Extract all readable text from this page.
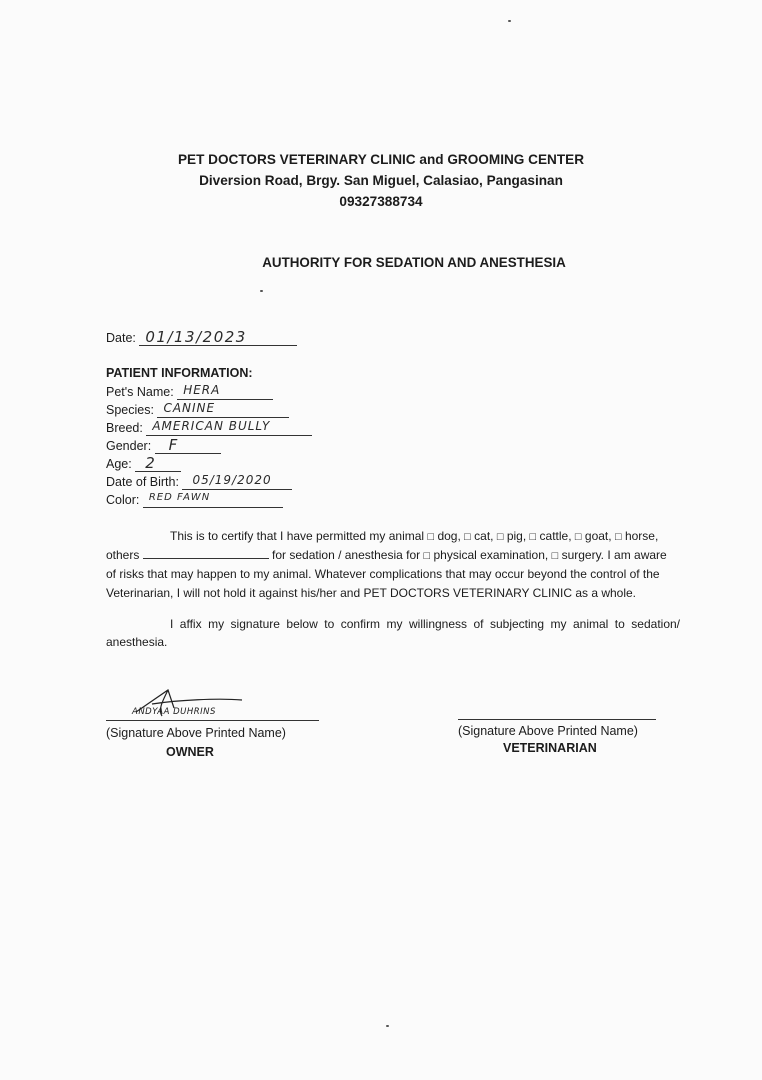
PET DOCTORS VETERINARY CLINIC and GROOMING CENTER
Diversion Road, Brgy. San Miguel, Calasiao, Pangasinan
09327388734
AUTHORITY FOR SEDATION AND ANESTHESIA
Date: 01/13/2023
PATIENT INFORMATION:
Pet's Name: HERA
Species: CANINE
Breed: AMERICAN BULLY
Gender: F
Age: 2
Date of Birth: 05/19/2020
Color: RED FAWN
This is to certify that I have permitted my animal □ dog, □ cat, □ pig, □ cattle, □ goat, □ horse, others	for sedation / anesthesia for □ physical examination, □ surgery. I am aware of risks that may happen to my animal. Whatever complications that may occur beyond the control of the Veterinarian, I will not hold it against his/her and PET DOCTORS VETERINARY CLINIC as a whole.
I affix my signature below to confirm my willingness of subjecting my animal to sedation/ anesthesia.
ANDYAA DUHRINS
(Signature Above Printed Name)
OWNER
(Signature Above Printed Name)
VETERINARIAN
